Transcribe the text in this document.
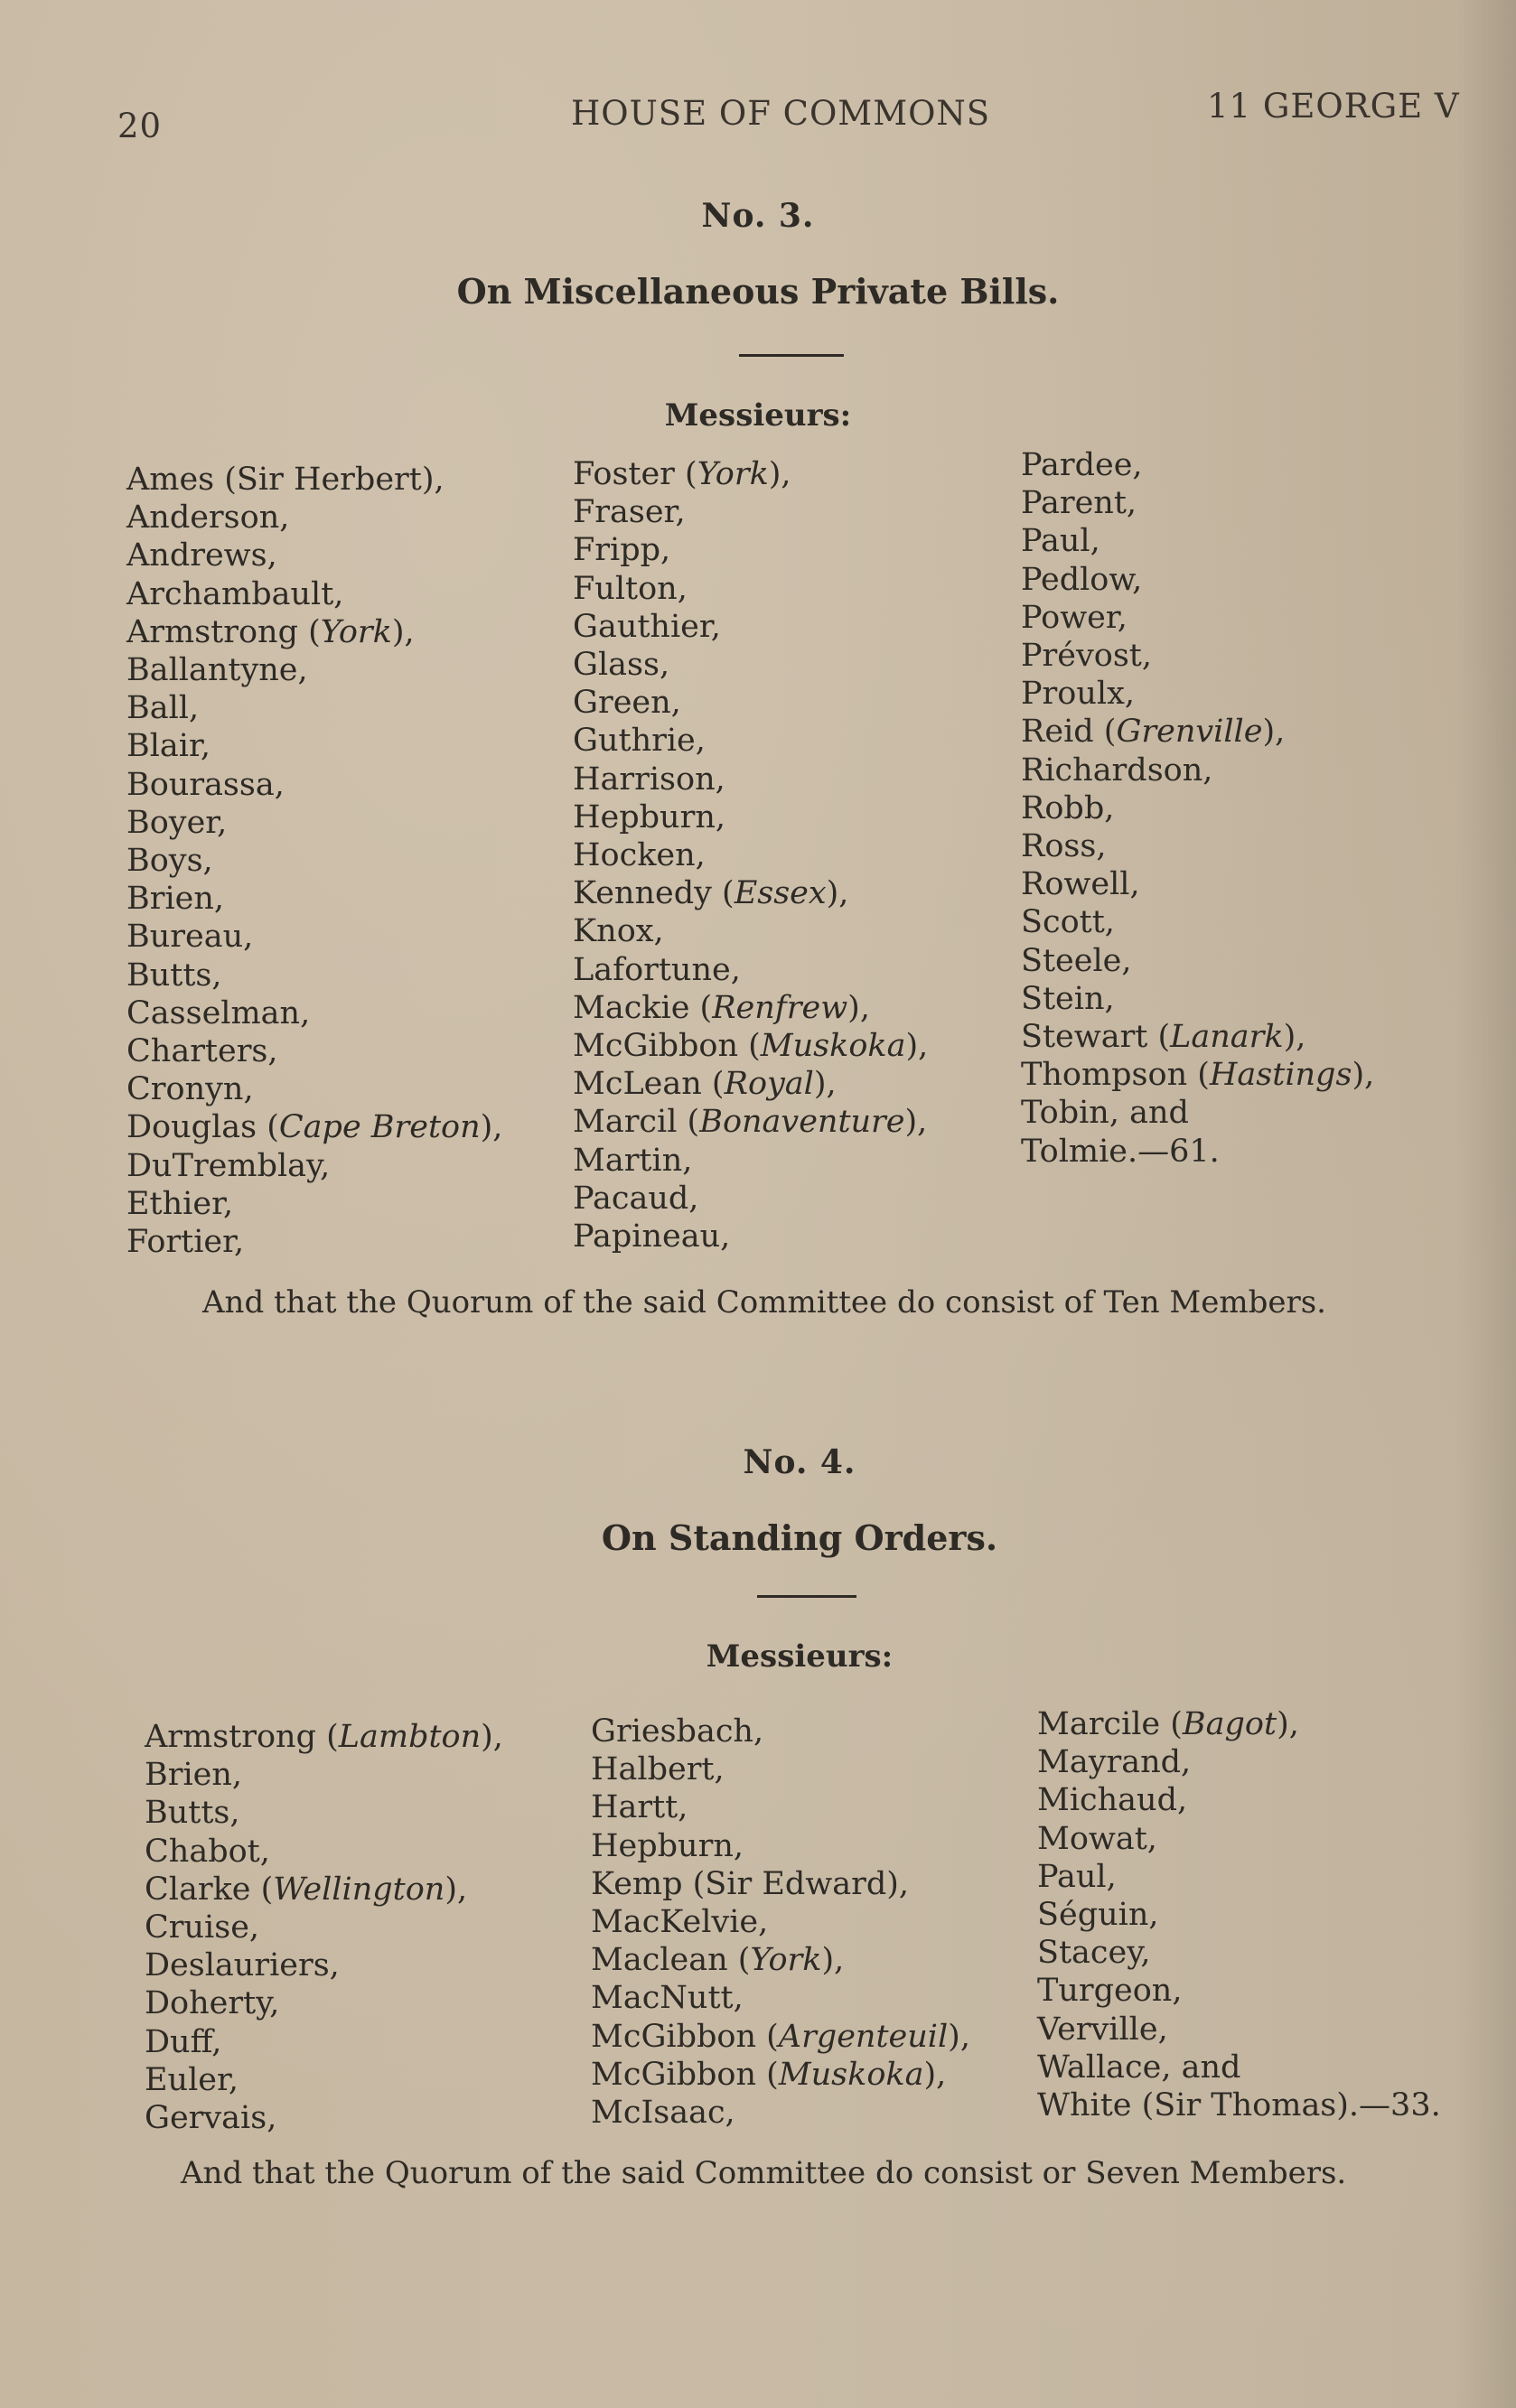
20	HOUSE OF COMMONS	11 GEORGE V
No. 3.
On Miscellaneous Private Bills.
Messieurs:
Ames (Sir Herbert),
Anderson,
Andrews,
Archambault,
Armstrong (York),
Ballantyne,
Ball,
Blair,
Bourassa,
Boyer,
Boys,
Brien,
Bureau,
Butts,
Casselman,
Charters,
Cronyn,
Douglas (Cape Breton),
DuTremblay,
Ethier,
Fortier,
Foster (York),
Fraser,
Fripp,
Fulton,
Gauthier,
Glass,
Green,
Guthrie,
Harrison,
Hepburn,
Hocken,
Kennedy (Essex),
Knox,
Lafortune,
Mackie (Renfrew),
McGibbon (Muskoka),
McLean (Royal),
Marcil (Bonaventure),
Martin,
Pacaud,
Papineau,
Pardee,
Parent,
Paul,
Pedlow,
Power,
Prévost,
Proulx,
Reid (Grenville),
Richardson,
Robb,
Ross,
Rowell,
Scott,
Steele,
Stein,
Stewart (Lanark),
Thompson (Hastings),
Tobin, and
Tolmie.—61.
And that the Quorum of the said Committee do consist of Ten Members.
No. 4.
On Standing Orders.
Messieurs:
Armstrong (Lambton),
Brien,
Butts,
Chabot,
Clarke (Wellington),
Cruise,
Deslauriers,
Doherty,
Duff,
Euler,
Gervais,
Griesbach,
Halbert,
Hartt,
Hepburn,
Kemp (Sir Edward),
MacKelvie,
Maclean (York),
MacNutt,
McGibbon (Argenteuil),
McGibbon (Muskoka),
McIsaac,
Marcile (Bagot),
Mayrand,
Michaud,
Mowat,
Paul,
Séguin,
Stacey,
Turgeon,
Verville,
Wallace, and
White (Sir Thomas).—33.
And that the Quorum of the said Committee do consist or Seven Members.
